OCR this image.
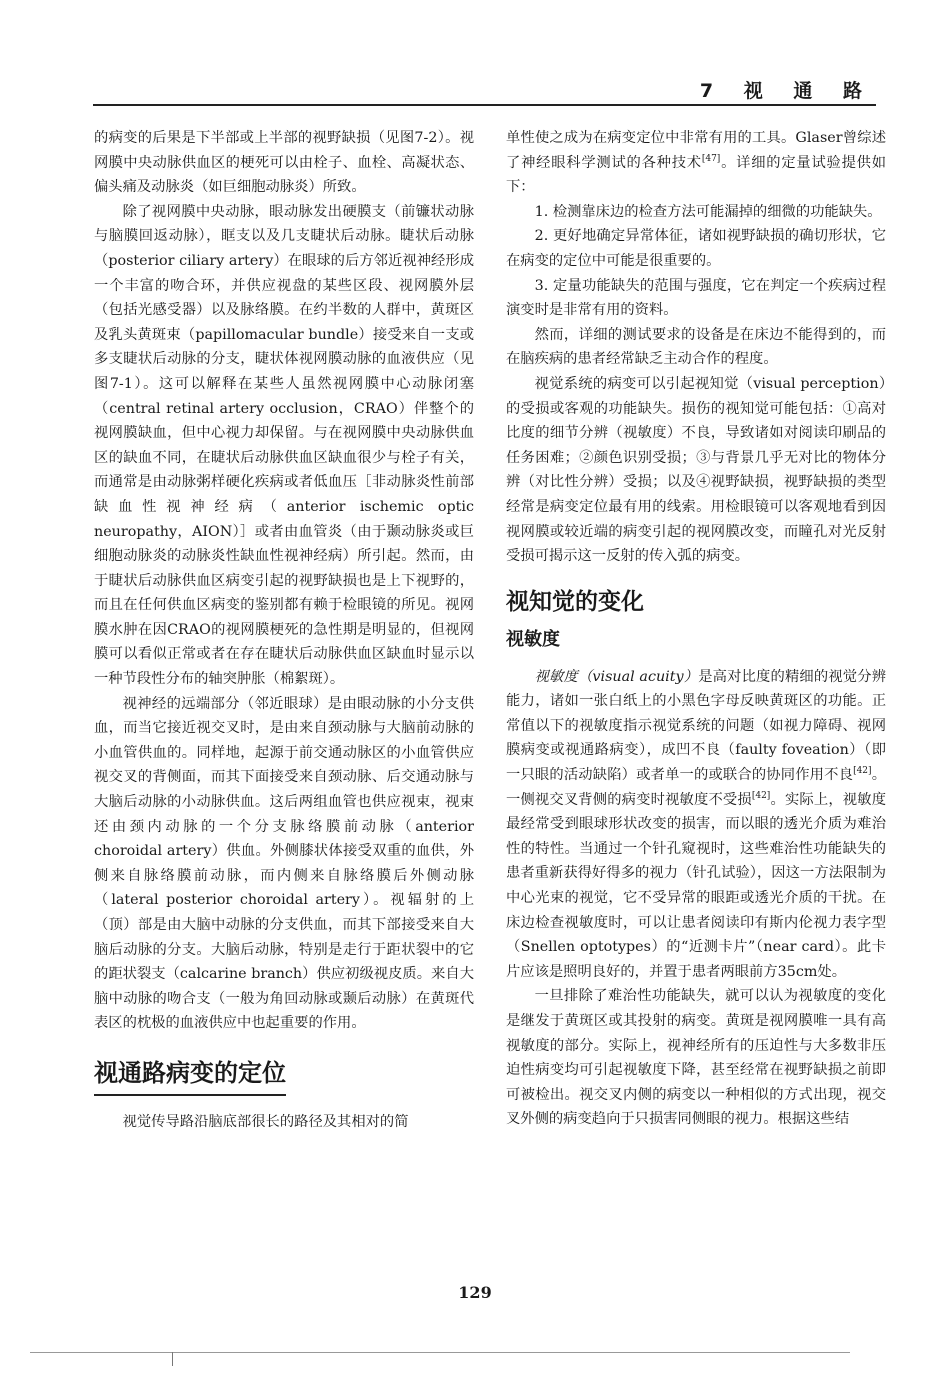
7 视 通 路

的病变的后果是下半部或上半部的视野缺损（见图7-2）。视网膜中央动脉供血区的梗死可以由栓子、血栓、高凝状态、偏头痛及动脉炎（如巨细胞动脉炎）所致。

除了视网膜中央动脉，眼动脉发出硬膜支（前镰状动脉与脑膜回返动脉），眶支以及几支睫状后动脉。睫状后动脉（posterior ciliary artery）在眼球的后方邻近视神经形成一个丰富的吻合环，并供应视盘的某些区段、视网膜外层（包括光感受器）以及脉络膜。在约半数的人群中，黄斑区及乳头黄斑束（papillomacular bundle）接受来自一支或多支睫状后动脉的分支，睫状体视网膜动脉的血液供应（见图7-1）。这可以解释在某些人虽然视网膜中心动脉闭塞（central retinal artery occlusion，CRAO）伴整个的视网膜缺血，但中心视力却保留。与在视网膜中央动脉供血区的缺血不同，在睫状后动脉供血区缺血很少与栓子有关，而通常是由动脉粥样硬化疾病或者低血压［非动脉炎性前部缺血性视神经病（anterior ischemic optic neuropathy，AION）］或者由血管炎（由于颞动脉炎或巨细胞动脉炎的动脉炎性缺血性视神经病）所引起。然而，由于睫状后动脉供血区病变引起的视野缺损也是上下视野的，而且在任何供血区病变的鉴别都有赖于检眼镜的所见。视网膜水肿在因CRAO的视网膜梗死的急性期是明显的，但视网膜可以看似正常或者在存在睫状后动脉供血区缺血时显示以一种节段性分布的轴突肿胀（棉絮斑）。

视神经的远端部分（邻近眼球）是由眼动脉的小分支供血，而当它接近视交叉时，是由来自颈动脉与大脑前动脉的小血管供血的。同样地，起源于前交通动脉区的小血管供应视交叉的背侧面，而其下面接受来自颈动脉、后交通动脉与大脑后动脉的小动脉供血。这后两组血管也供应视束，视束还由颈内动脉的一个分支脉络膜前动脉（anterior choroidal artery）供血。外侧膝状体接受双重的血供，外侧来自脉络膜前动脉，而内侧来自脉络膜后外侧动脉（lateral posterior choroidal artery）。视辐射的上（顶）部是由大脑中动脉的分支供血，而其下部接受来自大脑后动脉的分支。大脑后动脉，特别是走行于距状裂中的它的距状裂支（calcarine branch）供应初级视皮质。来自大脑中动脉的吻合支（一般为角回动脉或颞后动脉）在黄斑代表区的枕极的血液供应中也起重要的作用。

视通路病变的定位

视觉传导路沿脑底部很长的路径及其相对的简

单性使之成为在病变定位中非常有用的工具。Glaser曾综述了神经眼科学测试的各种技术[47]。详细的定量试验提供如下：

1. 检测靠床边的检查方法可能漏掉的细微的功能缺失。

2. 更好地确定异常体征，诸如视野缺损的确切形状，它在病变的定位中可能是很重要的。

3. 定量功能缺失的范围与强度，它在判定一个疾病过程演变时是非常有用的资料。

然而，详细的测试要求的设备是在床边不能得到的，而在脑疾病的患者经常缺乏主动合作的程度。

视觉系统的病变可以引起视知觉（visual perception）的受损或客观的功能缺失。损伤的视知觉可能包括：①高对比度的细节分辨（视敏度）不良，导致诸如对阅读印刷品的任务困难；②颜色识别受损；③与背景几乎无对比的物体分辨（对比性分辨）受损；以及④视野缺损，视野缺损的类型经常是病变定位最有用的线索。用检眼镜可以客观地看到因视网膜或较近端的病变引起的视网膜改变，而瞳孔对光反射受损可揭示这一反射的传入弧的病变。

视知觉的变化
视敏度

视敏度（visual acuity）是高对比度的精细的视觉分辨能力，诸如一张白纸上的小黑色字母反映黄斑区的功能。正常值以下的视敏度指示视觉系统的问题（如视力障碍、视网膜病变或视通路病变），成凹不良（faulty foveation）（即一只眼的活动缺陷）或者单一的或联合的协同作用不良[42]。一侧视交叉背侧的病变时视敏度不受损[42]。实际上，视敏度最经常受到眼球形状改变的损害，而以眼的透光介质为难治性的特性。当通过一个针孔窥视时，这些难治性功能缺失的患者重新获得好得多的视力（针孔试验），因这一方法限制为中心光束的视觉，它不受异常的眼距或透光介质的干扰。在床边检查视敏度时，可以让患者阅读印有斯内伦视力表字型（Snellen optotypes）的“近测卡片”（near card）。此卡片应该是照明良好的，并置于患者两眼前方35cm处。

一旦排除了难治性功能缺失，就可以认为视敏度的变化是继发于黄斑区或其投射的病变。黄斑是视网膜唯一具有高视敏度的部分。实际上，视神经所有的压迫性与大多数非压迫性病变均可引起视敏度下降，甚至经常在视野缺损之前即可被检出。视交叉内侧的病变以一种相似的方式出现，视交叉外侧的病变趋向于只损害同侧眼的视力。根据这些结

129
